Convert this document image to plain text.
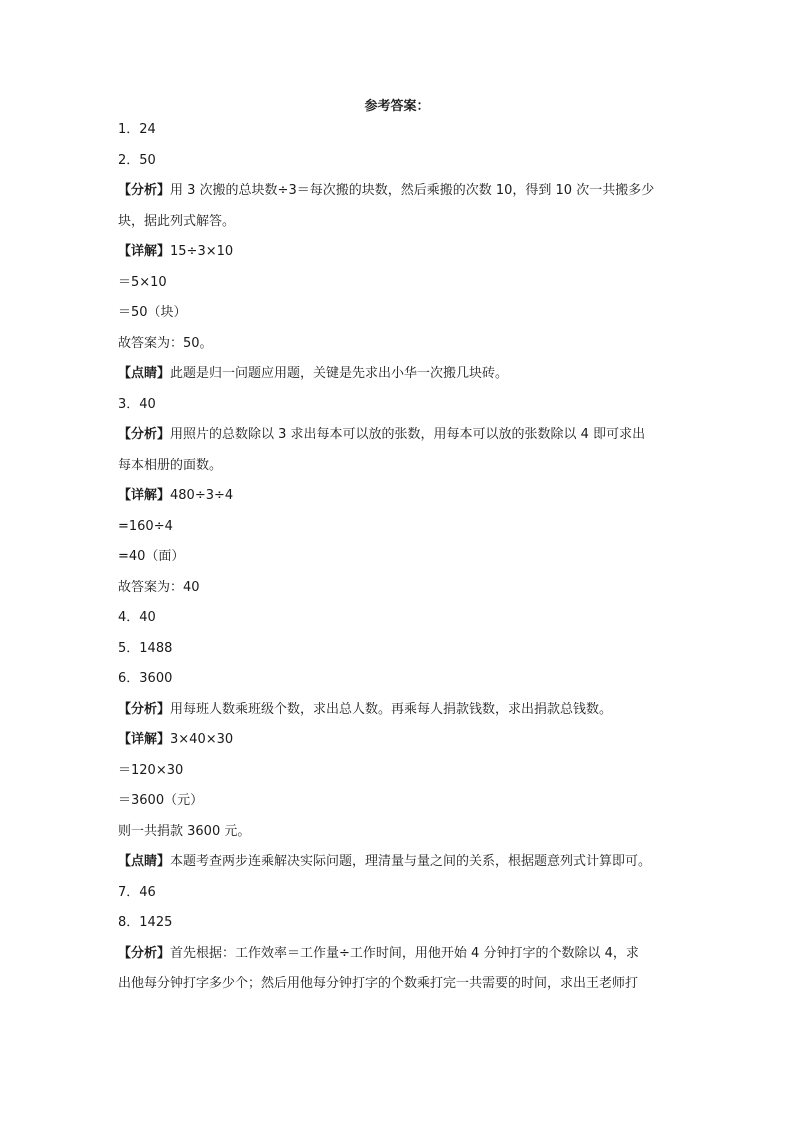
参考答案：
1．24
2．50
【分析】用 3 次搬的总块数÷3＝每次搬的块数，然后乘搬的次数 10，得到 10 次一共搬多少
块，据此列式解答。
【详解】15÷3×10
＝5×10
＝50（块）
故答案为：50。
【点睛】此题是归一问题应用题，关键是先求出小华一次搬几块砖。
3．40
【分析】用照片的总数除以 3 求出每本可以放的张数，用每本可以放的张数除以 4 即可求出
每本相册的面数。
【详解】480÷3÷4
=160÷4
=40（面）
故答案为：40
4．40
5．1488
6．3600
【分析】用每班人数乘班级个数，求出总人数。再乘每人捐款钱数，求出捐款总钱数。
【详解】3×40×30
＝120×30
＝3600（元）
则一共捐款 3600 元。
【点睛】本题考查两步连乘解决实际问题，理清量与量之间的关系，根据题意列式计算即可。
7．46
8．1425
【分析】首先根据：工作效率＝工作量÷工作时间，用他开始 4 分钟打字的个数除以 4，求
出他每分钟打字多少个；然后用他每分钟打字的个数乘打完一共需要的时间，求出王老师打
